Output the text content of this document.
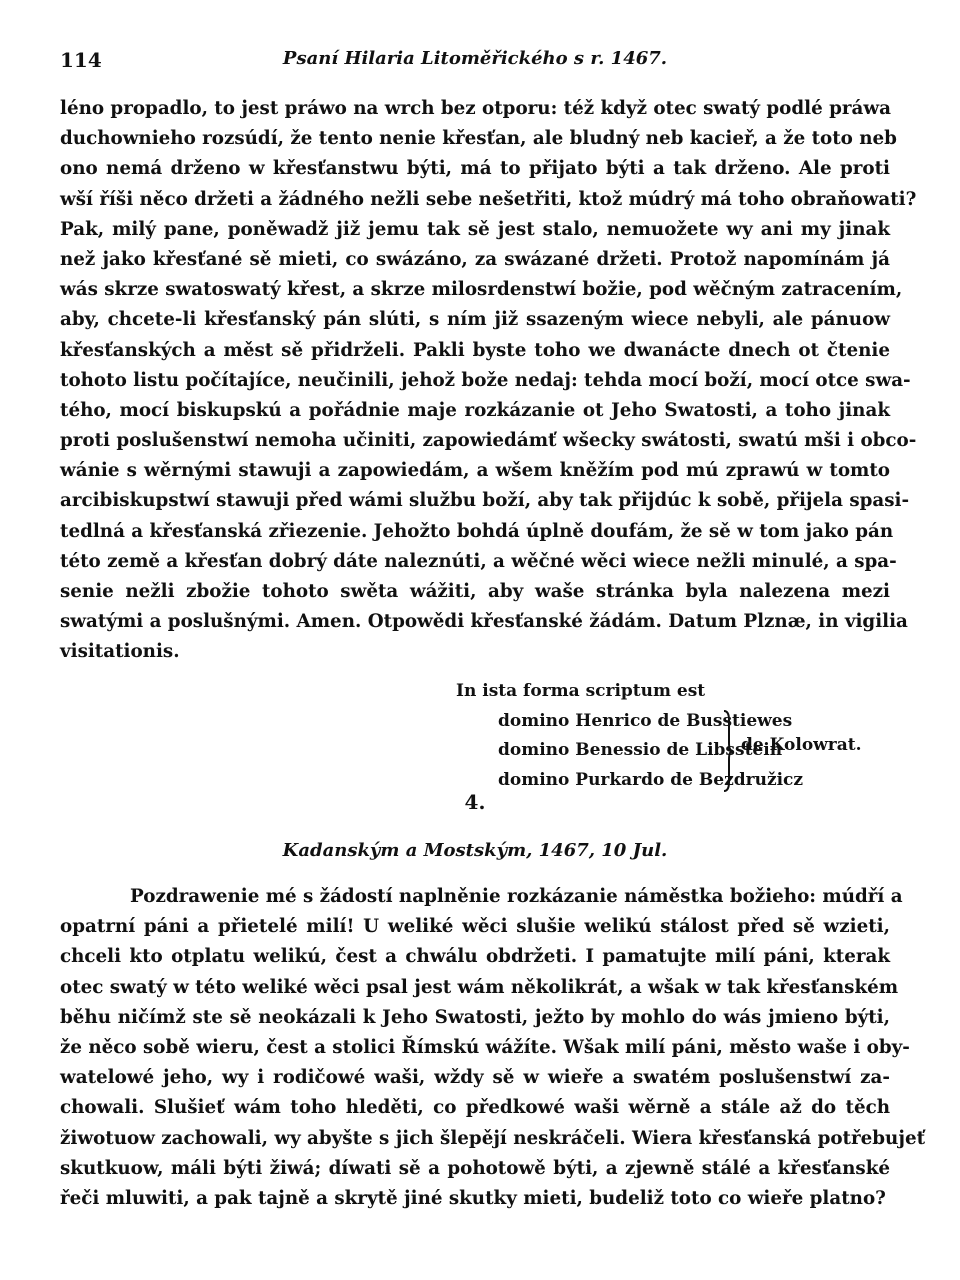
114	Psaní Hilaria Litoměřického s r. 1467.
léno propadlo, to jest práwo na wrch bez otporu: též když otec swatý podlé práwa
duchownieho rozsúdí, že tento nenie křesťan, ale bludný neb kacieř, a že toto neb
ono nemá drženo w křesťanstwu býti, má to přijato býti a tak drženo. Ale proti
wší říši něco držeti a žádného nežli sebe nešetřiti, ktož múdrý má toho obraňowati?
Pak, milý pane, poněwadž již jemu tak sě jest stalo, nemuožete wy ani my jinak
než jako křesťané sě mieti, co swázáno, za swázané držeti. Protož napomínám já
wás skrze swatoswatý křest, a skrze milosrdenstwí božie, pod wěčným zatracením,
aby, chcete-li křesťanský pán slúti, s ním již ssazeným wiece nebyli, ale pánuow
křesťanských a měst sě přidrželi. Pakli byste toho we dwanácte dnech ot čtenie
tohoto listu počítajíce, neučinili, jehož bože nedaj: tehda mocí boží, mocí otce swa-
tého, mocí biskupskú a pořádnie maje rozkázanie ot Jeho Swatosti, a toho jinak
proti poslušenstwí nemoha učiniti, zapowiedámť wšecky swátosti, swatú mši i obco-
wánie s wěrnými stawuji a zapowiedám, a wšem kněžím pod mú zprawú w tomto
arcibiskupstwí stawuji před wámi službu boží, aby tak přijdúc k sobě, přijela spasi-
tedlná a křesťanská zřiezenie. Jehožto bohdá úplně doufám, že sě w tom jako pán
této země a křesťan dobrý dáte naleznúti, a wěčné wěci wiece nežli minulé, a spa-
senie nežli zbožie tohoto swěta wážiti, aby waše stránka byla nalezena mezi
swatými a poslušnými. Amen. Otpowědi křesťanské žádám. Datum Plznæ, in vigilia
visitationis.
In ista forma scriptum est
domino Henrico de Busstiewes
domino Benessio de Libsstein
domino Purkardo de Bezdružicz
de Kolowrat.
4.
Kadanským a Mostským, 1467, 10 Jul.
Pozdrawenie mé s žádostí naplněnie rozkázanie náměstka božieho: múdří a
opatrní páni a přietelé milí! U weliké wěci slušie welikú stálost před sě wzieti,
chceli kto otplatu welikú, čest a chwálu obdržeti. I pamatujte milí páni, kterak
otec swatý w této weliké wěci psal jest wám několikrát, a wšak w tak křesťanském
běhu ničímž ste sě neokázali k Jeho Swatosti, ježto by mohlo do wás jmieno býti,
že něco sobě wieru, čest a stolici Římskú wážíte. Wšak milí páni, město waše i oby-
watelowé jeho, wy i rodičowé waši, wždy sě w wieře a swatém poslušenstwí za-
chowali. Slušieť wám toho hleděti, co předkowé waši wěrně a stále až do těch
žiwotuow zachowali, wy abyšte s jich šlepějí neskráčeli. Wiera křesťanská potřebujeť
skutkuow, máli býti žiwá; díwati sě a pohotowě býti, a zjewně stálé a křesťanské
řeči mluwiti, a pak tajně a skrytě jiné skutky mieti, budeliž toto co wieře platno?
